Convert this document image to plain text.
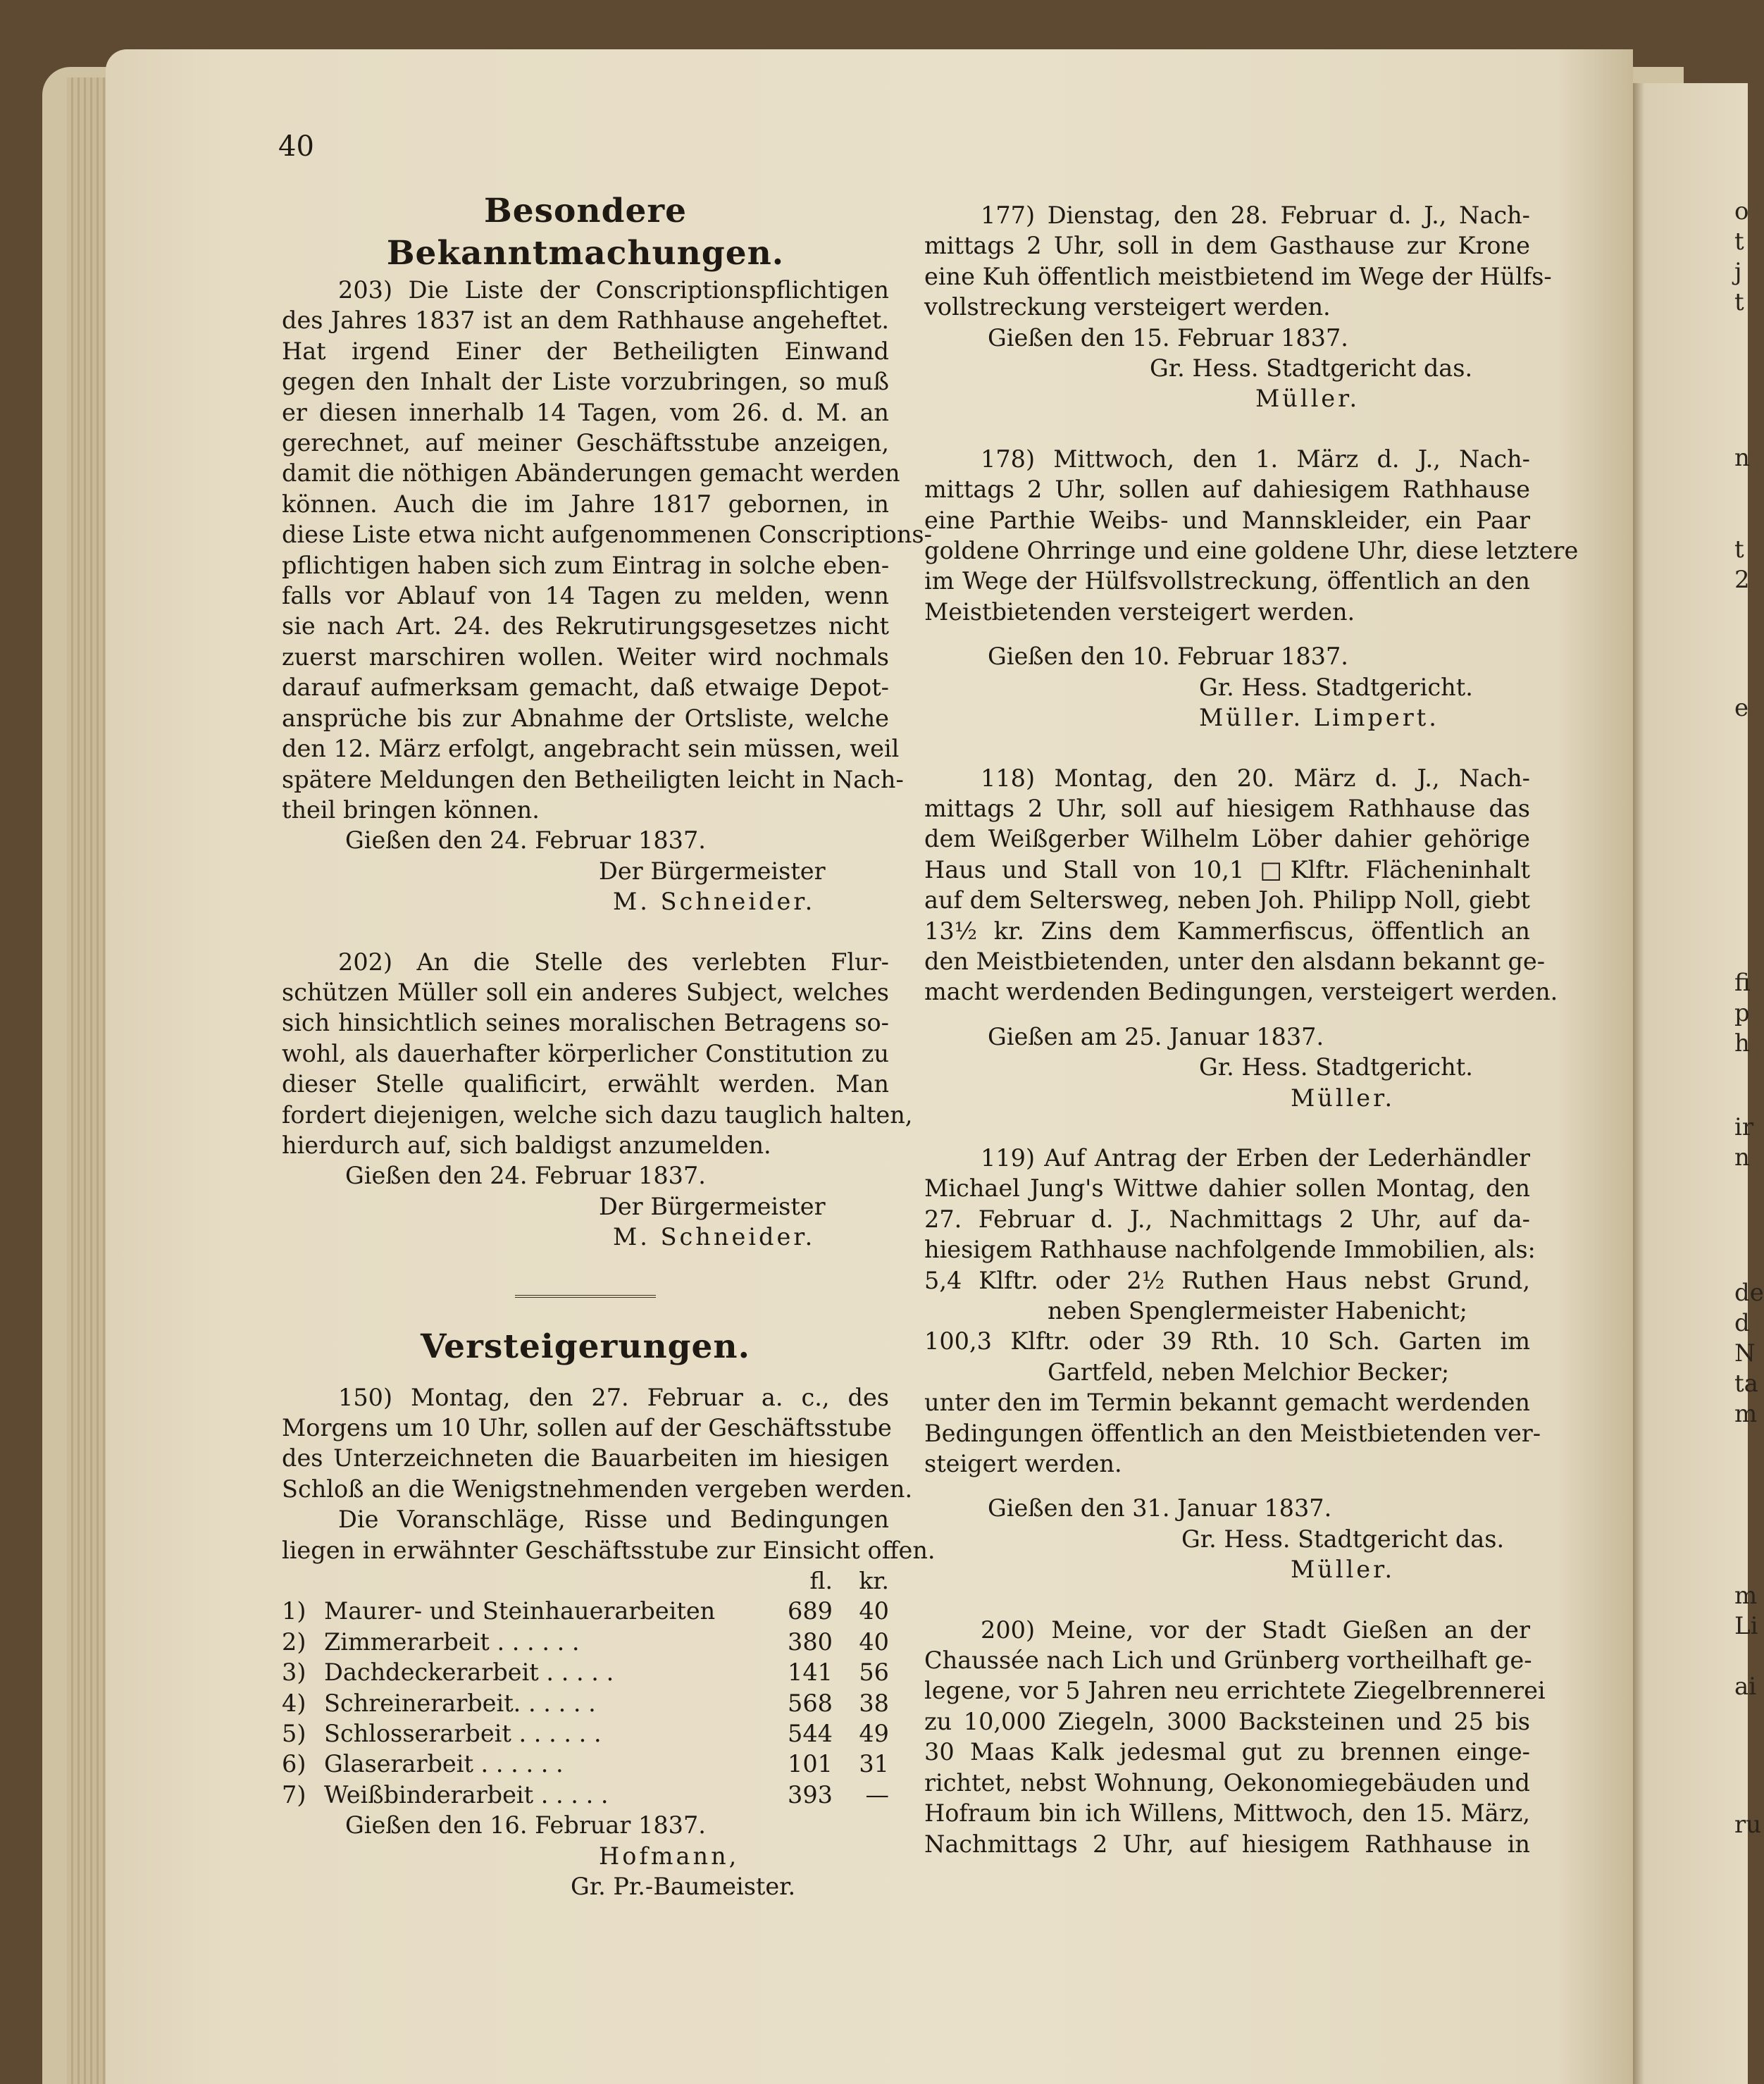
40
Besondere Bekanntmachungen.
203) Die Liste der Conscriptionspflichtigen
des Jahres 1837 ist an dem Rathhause angeheftet.
Hat irgend Einer der Betheiligten Einwand
gegen den Inhalt der Liste vorzubringen, so muß
er diesen innerhalb 14 Tagen, vom 26. d. M. an
gerechnet, auf meiner Geschäftsstube anzeigen,
damit die nöthigen Abänderungen gemacht werden
können. Auch die im Jahre 1817 gebornen, in
diese Liste etwa nicht aufgenommenen Conscriptions-
pflichtigen haben sich zum Eintrag in solche eben-
falls vor Ablauf von 14 Tagen zu melden, wenn
sie nach Art. 24. des Rekrutirungsgesetzes nicht
zuerst marschiren wollen. Weiter wird nochmals
darauf aufmerksam gemacht, daß etwaige Depot-
ansprüche bis zur Abnahme der Ortsliste, welche
den 12. März erfolgt, angebracht sein müssen, weil
spätere Meldungen den Betheiligten leicht in Nach-
theil bringen können.
Gießen den 24. Februar 1837.
Der Bürgermeister
M. Schneider.
202) An die Stelle des verlebten Flur-
schützen Müller soll ein anderes Subject, welches
sich hinsichtlich seines moralischen Betragens so-
wohl, als dauerhafter körperlicher Constitution zu
dieser Stelle qualificirt, erwählt werden. Man
fordert diejenigen, welche sich dazu tauglich halten,
hierdurch auf, sich baldigst anzumelden.
Gießen den 24. Februar 1837.
Der Bürgermeister
M. Schneider.
Versteigerungen.
150) Montag, den 27. Februar a. c., des
Morgens um 10 Uhr, sollen auf der Geschäftsstube
des Unterzeichneten die Bauarbeiten im hiesigen
Schloß an die Wenigstnehmenden vergeben werden.
Die Voranschläge, Risse und Bedingungen
liegen in erwähnter Geschäftsstube zur Einsicht offen.
		fl.	kr.
1)	Maurer- und Steinhauerarbeiten	689	40
2)	Zimmerarbeit . . . . . .	380	40
3)	Dachdeckerarbeit . . . . .	141	56
4)	Schreinerarbeit. . . . . .	568	38
5)	Schlosserarbeit . . . . . .	544	49
6)	Glaserarbeit . . . . . .	101	31
7)	Weißbinderarbeit . . . . .	393	—
Gießen den 16. Februar 1837.
Hofmann,
Gr. Pr.-Baumeister.
177) Dienstag, den 28. Februar d. J., Nach-
mittags 2 Uhr, soll in dem Gasthause zur Krone
eine Kuh öffentlich meistbietend im Wege der Hülfs-
vollstreckung versteigert werden.
Gießen den 15. Februar 1837.
Gr. Hess. Stadtgericht das.
Müller.
178) Mittwoch, den 1. März d. J., Nach-
mittags 2 Uhr, sollen auf dahiesigem Rathhause
eine Parthie Weibs- und Mannskleider, ein Paar
goldene Ohrringe und eine goldene Uhr, diese letztere
im Wege der Hülfsvollstreckung, öffentlich an den
Meistbietenden versteigert werden.
Gießen den 10. Februar 1837.
Gr. Hess. Stadtgericht.
Müller. Limpert.
118) Montag, den 20. März d. J., Nach-
mittags 2 Uhr, soll auf hiesigem Rathhause das
dem Weißgerber Wilhelm Löber dahier gehörige
Haus und Stall von 10,1 □Klftr. Flächeninhalt
auf dem Seltersweg, neben Joh. Philipp Noll, giebt
13½ kr. Zins dem Kammerfiscus, öffentlich an
den Meistbietenden, unter den alsdann bekannt ge-
macht werdenden Bedingungen, versteigert werden.
Gießen am 25. Januar 1837.
Gr. Hess. Stadtgericht.
Müller.
119) Auf Antrag der Erben der Lederhändler
Michael Jung's Wittwe dahier sollen Montag, den
27. Februar d. J., Nachmittags 2 Uhr, auf da-
hiesigem Rathhause nachfolgende Immobilien, als:
5,4 Klftr. oder 2½ Ruthen Haus nebst Grund,
neben Spenglermeister Habenicht;
100,3 Klftr. oder 39 Rth. 10 Sch. Garten im
Gartfeld, neben Melchior Becker;
unter den im Termin bekannt gemacht werdenden
Bedingungen öffentlich an den Meistbietenden ver-
steigert werden.
Gießen den 31. Januar 1837.
Gr. Hess. Stadtgericht das.
Müller.
200) Meine, vor der Stadt Gießen an der
Chaussée nach Lich und Grünberg vortheilhaft ge-
legene, vor 5 Jahren neu errichtete Ziegelbrennerei
zu 10,000 Ziegeln, 3000 Backsteinen und 25 bis
30 Maas Kalk jedesmal gut zu brennen einge-
richtet, nebst Wohnung, Oekonomiegebäuden und
Hofraum bin ich Willens, Mittwoch, den 15. März,
Nachmittags 2 Uhr, auf hiesigem Rathhause in
o
t
j
t
n
t
2
e
fi
p
h
ir
n
de
d
N
ta
m
m
Li
ai
ru
